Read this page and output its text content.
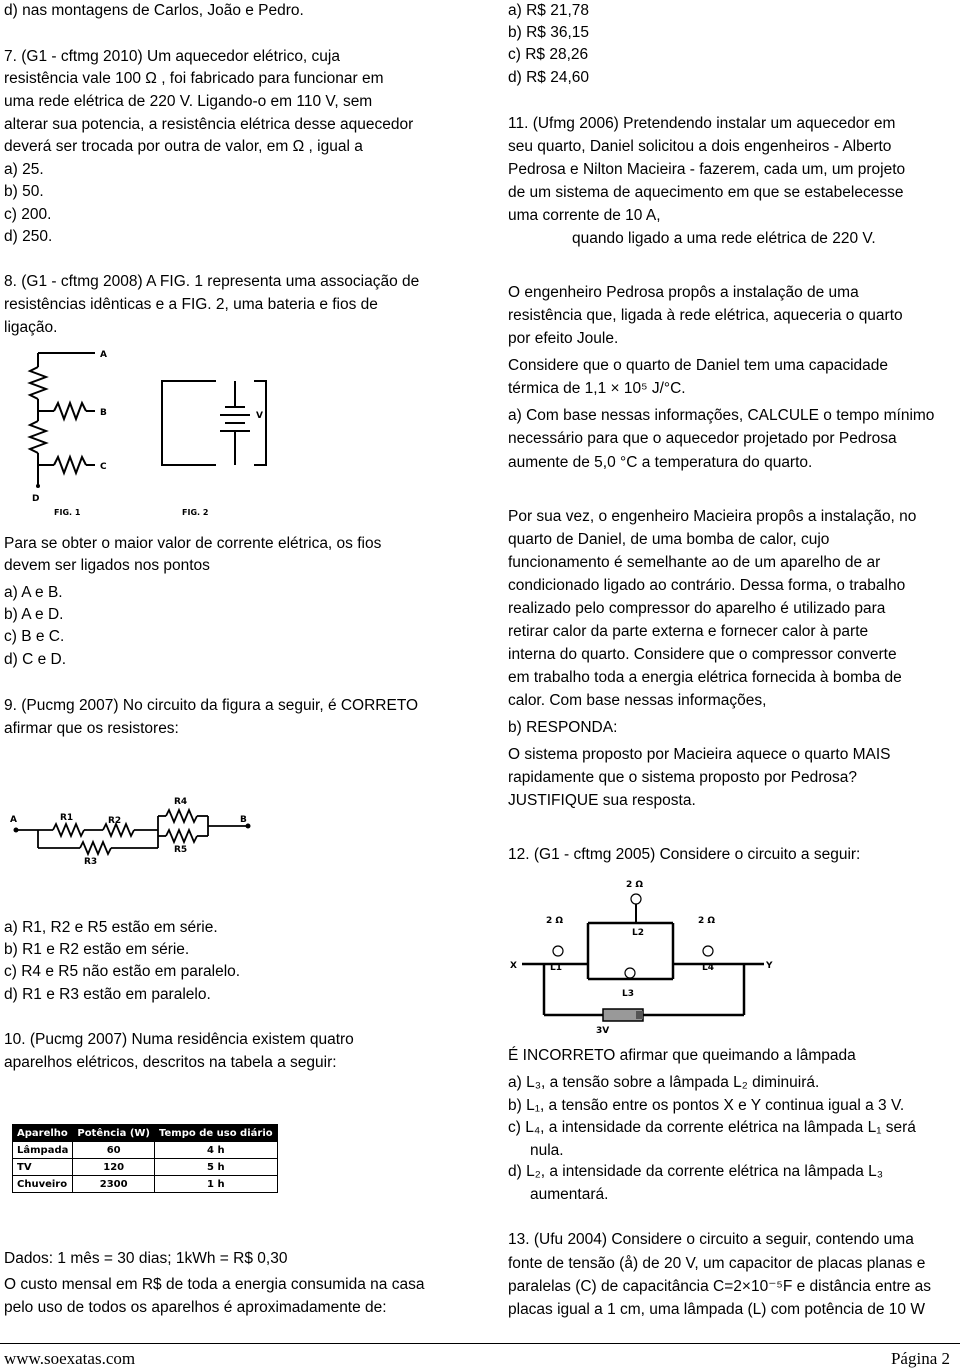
d) nas montagens de Carlos, João e Pedro.
7. (G1 - cftmg 2010) Um aquecedor elétrico, cuja
resistência vale 100 Ω , foi fabricado para funcionar em
uma rede elétrica de 220 V. Ligando-o em 110 V, sem
alterar sua potencia, a resistência elétrica desse aquecedor
deverá ser trocada por outra de valor, em Ω , igual a
a) 25.
b) 50.
c) 200.
d) 250.
8. (G1 - cftmg 2008) A FIG. 1 representa uma associação de
resistências idênticas e a FIG. 2, uma bateria e fios de
ligação.
A
B
C
D
V
FIG. 1	FIG. 2
Para se obter o maior valor de corrente elétrica, os fios
devem ser ligados nos pontos
a) A e B.
b) A e D.
c) B e C.
d) C e D.
9. (Pucmg 2007) No circuito da figura a seguir, é CORRETO
afirmar que os resistores:
A	B
R1	R2
R3
R4
R5
a) R1, R2 e R5 estão em série.
b) R1 e R2 estão em série.
c) R4 e R5 não estão em paralelo.
d) R1 e R3 estão em paralelo.
10. (Pucmg 2007) Numa residência existem quatro
aparelhos elétricos, descritos na tabela a seguir:
Aparelho	Potência (W)	Tempo de uso diário
Lâmpada	60	4 h
TV	120	5 h
Chuveiro	2300	1 h
Dados: 1 mês = 30 dias; 1kWh = R$ 0,30
O custo mensal em R$ de toda a energia consumida na casa
pelo uso de todos os aparelhos é aproximadamente de:
a) R$ 21,78
b) R$ 36,15
c) R$ 28,26
d) R$ 24,60
11. (Ufmg 2006) Pretendendo instalar um aquecedor em
seu quarto, Daniel solicitou a dois engenheiros - Alberto
Pedrosa e Nilton Macieira - fazerem, cada um, um projeto
de um sistema de aquecimento em que se estabelecesse
uma corrente de 10 A,
quando ligado a uma rede elétrica de 220 V.
O engenheiro Pedrosa propôs a instalação de uma
resistência que, ligada à rede elétrica, aqueceria o quarto
por efeito Joule.
Considere que o quarto de Daniel tem uma capacidade
térmica de 1,1 × 10⁵ J/°C.
a) Com base nessas informações, CALCULE o tempo mínimo
necessário para que o aquecedor projetado por Pedrosa
aumente de 5,0 °C a temperatura do quarto.
Por sua vez, o engenheiro Macieira propôs a instalação, no
quarto de Daniel, de uma bomba de calor, cujo
funcionamento é semelhante ao de um aparelho de ar
condicionado ligado ao contrário. Dessa forma, o trabalho
realizado pelo compressor do aparelho é utilizado para
retirar calor da parte externa e fornecer calor à parte
interna do quarto. Considere que o compressor converte
em trabalho toda a energia elétrica fornecida à bomba de
calor. Com base nessas informações,
b) RESPONDA:
O sistema proposto por Macieira aquece o quarto MAIS
rapidamente que o sistema proposto por Pedrosa?
JUSTIFIQUE sua resposta.
12. (G1 - cftmg 2005) Considere o circuito a seguir:
2 Ω
2 Ω	2 Ω
L2
L1	L4
L3
X	Y
3V
É INCORRETO afirmar que queimando a lâmpada
a) L₃, a tensão sobre a lâmpada L₂ diminuirá.
b) L₁, a tensão entre os pontos X e Y continua igual a 3 V.
c) L₄, a intensidade da corrente elétrica na lâmpada L₁ será
nula.
d) L₂, a intensidade da corrente elétrica na lâmpada L₃
aumentará.
13. (Ufu 2004) Considere o circuito a seguir, contendo uma
fonte de tensão (å) de 20 V, um capacitor de placas planas e
paralelas (C) de capacitância C=2×10⁻⁵F e distância entre as
placas igual a 1 cm, uma lâmpada (L) com potência de 10 W
www.soexatas.com	Página 2
